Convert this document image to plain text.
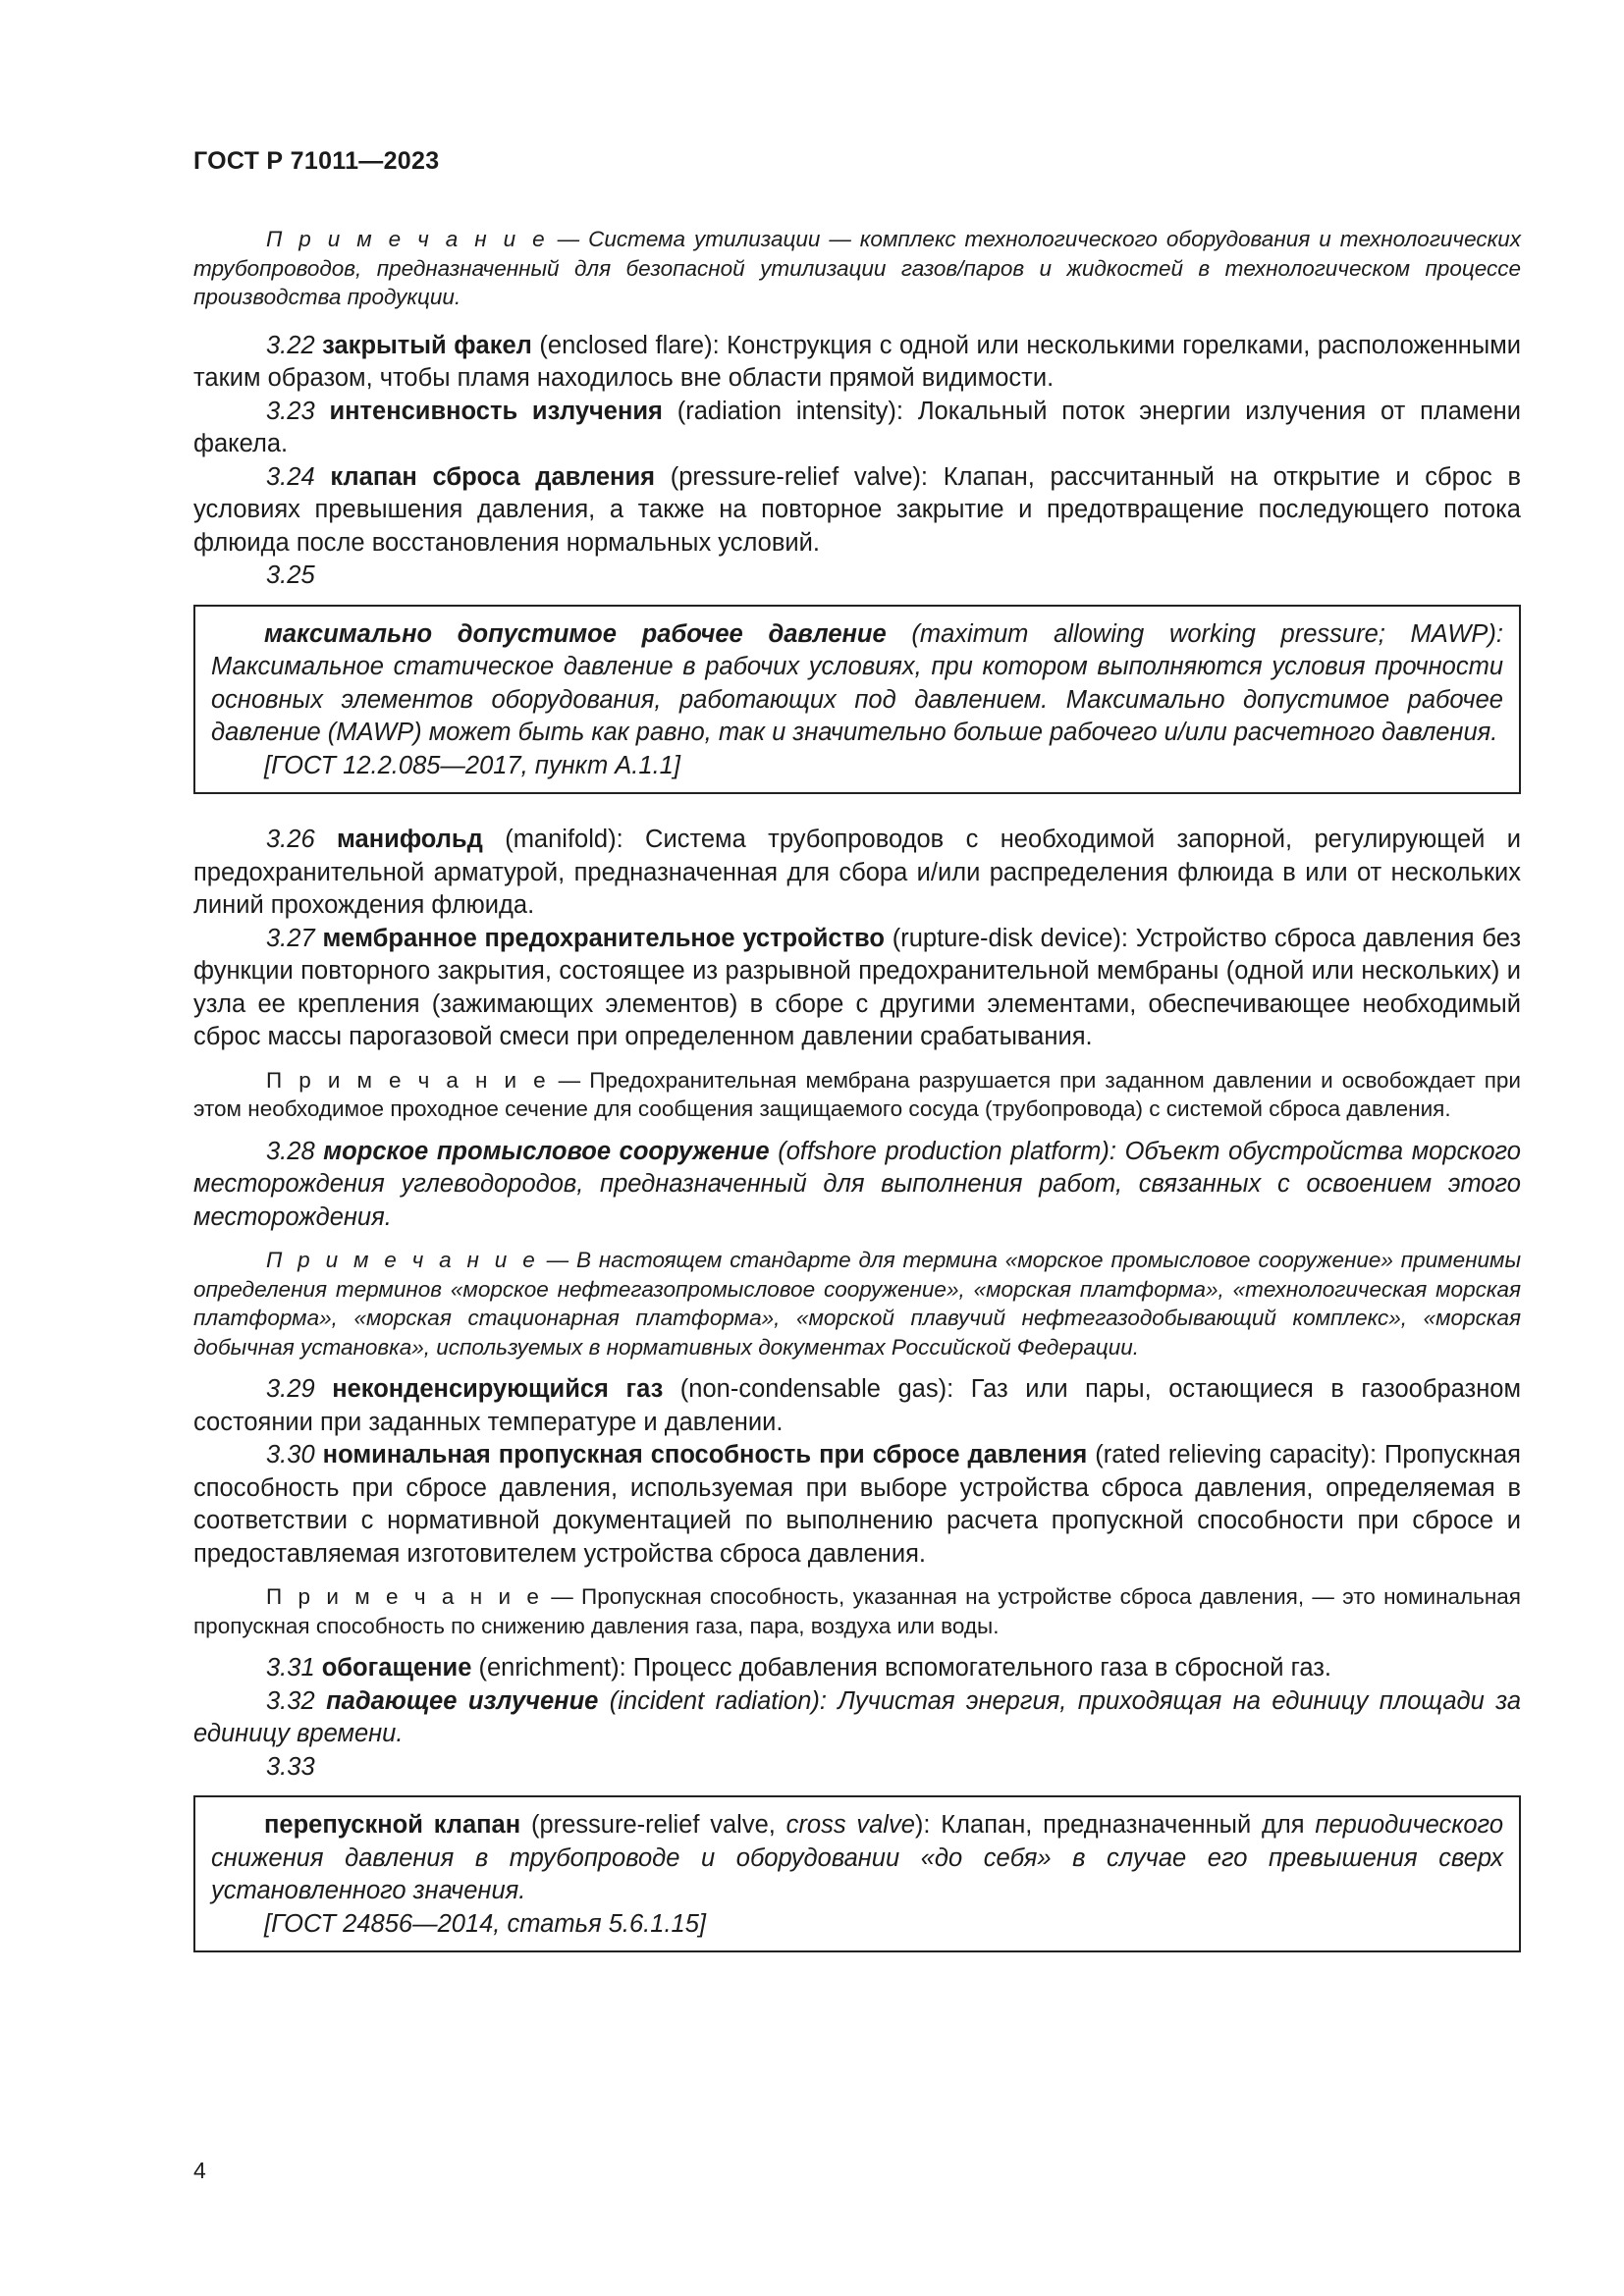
ГОСТ Р 71011—2023

П р и м е ч а н и е — Система утилизации — комплекс технологического оборудования и технологических трубопроводов, предназначенный для безопасной утилизации газов/паров и жидкостей в технологическом процессе производства продукции.

3.22 закрытый факел (enclosed flare): Конструкция с одной или несколькими горелками, расположенными таким образом, чтобы пламя находилось вне области прямой видимости.

3.23 интенсивность излучения (radiation intensity): Локальный поток энергии излучения от пламени факела.

3.24 клапан сброса давления (pressure-relief valve): Клапан, рассчитанный на открытие и сброс в условиях превышения давления, а также на повторное закрытие и предотвращение последующего потока флюида после восстановления нормальных условий.

3.25

максимально допустимое рабочее давление (maximum allowing working pressure; MAWP): Максимальное статическое давление в рабочих условиях, при котором выполняются условия прочности основных элементов оборудования, работающих под давлением. Максимально допустимое рабочее давление (MAWP) может быть как равно, так и значительно больше рабочего и/или расчетного давления.

[ГОСТ 12.2.085—2017, пункт А.1.1]

3.26 манифольд (manifold): Система трубопроводов с необходимой запорной, регулирующей и предохранительной арматурой, предназначенная для сбора и/или распределения флюида в или от нескольких линий прохождения флюида.

3.27 мембранное предохранительное устройство (rupture-disk device): Устройство сброса давления без функции повторного закрытия, состоящее из разрывной предохранительной мембраны (одной или нескольких) и узла ее крепления (зажимающих элементов) в сборе с другими элементами, обеспечивающее необходимый сброс массы парогазовой смеси при определенном давлении срабатывания.

П р и м е ч а н и е — Предохранительная мембрана разрушается при заданном давлении и освобождает при этом необходимое проходное сечение для сообщения защищаемого сосуда (трубопровода) с системой сброса давления.

3.28 морское промысловое сооружение (offshore production platform): Объект обустройства морского месторождения углеводородов, предназначенный для выполнения работ, связанных с освоением этого месторождения.

П р и м е ч а н и е — В настоящем стандарте для термина «морское промысловое сооружение» применимы определения терминов «морское нефтегазопромысловое сооружение», «морская платформа», «технологическая морская платформа», «морская стационарная платформа», «морской плавучий нефтегазодобывающий комплекс», «морская добычная установка», используемых в нормативных документах Российской Федерации.

3.29 неконденсирующийся газ (non-condensable gas): Газ или пары, остающиеся в газообразном состоянии при заданных температуре и давлении.

3.30 номинальная пропускная способность при сбросе давления (rated relieving capacity): Пропускная способность при сбросе давления, используемая при выборе устройства сброса давления, определяемая в соответствии с нормативной документацией по выполнению расчета пропускной способности при сбросе и предоставляемая изготовителем устройства сброса давления.

П р и м е ч а н и е — Пропускная способность, указанная на устройстве сброса давления, — это номинальная пропускная способность по снижению давления газа, пара, воздуха или воды.

3.31 обогащение (enrichment): Процесс добавления вспомогательного газа в сбросной газ.

3.32 падающее излучение (incident radiation): Лучистая энергия, приходящая на единицу площади за единицу времени.

3.33

перепускной клапан (pressure-relief valve, cross valve): Клапан, предназначенный для периодического снижения давления в трубопроводе и оборудовании «до себя» в случае его превышения сверх установленного значения.

[ГОСТ 24856—2014, статья 5.6.1.15]
4
